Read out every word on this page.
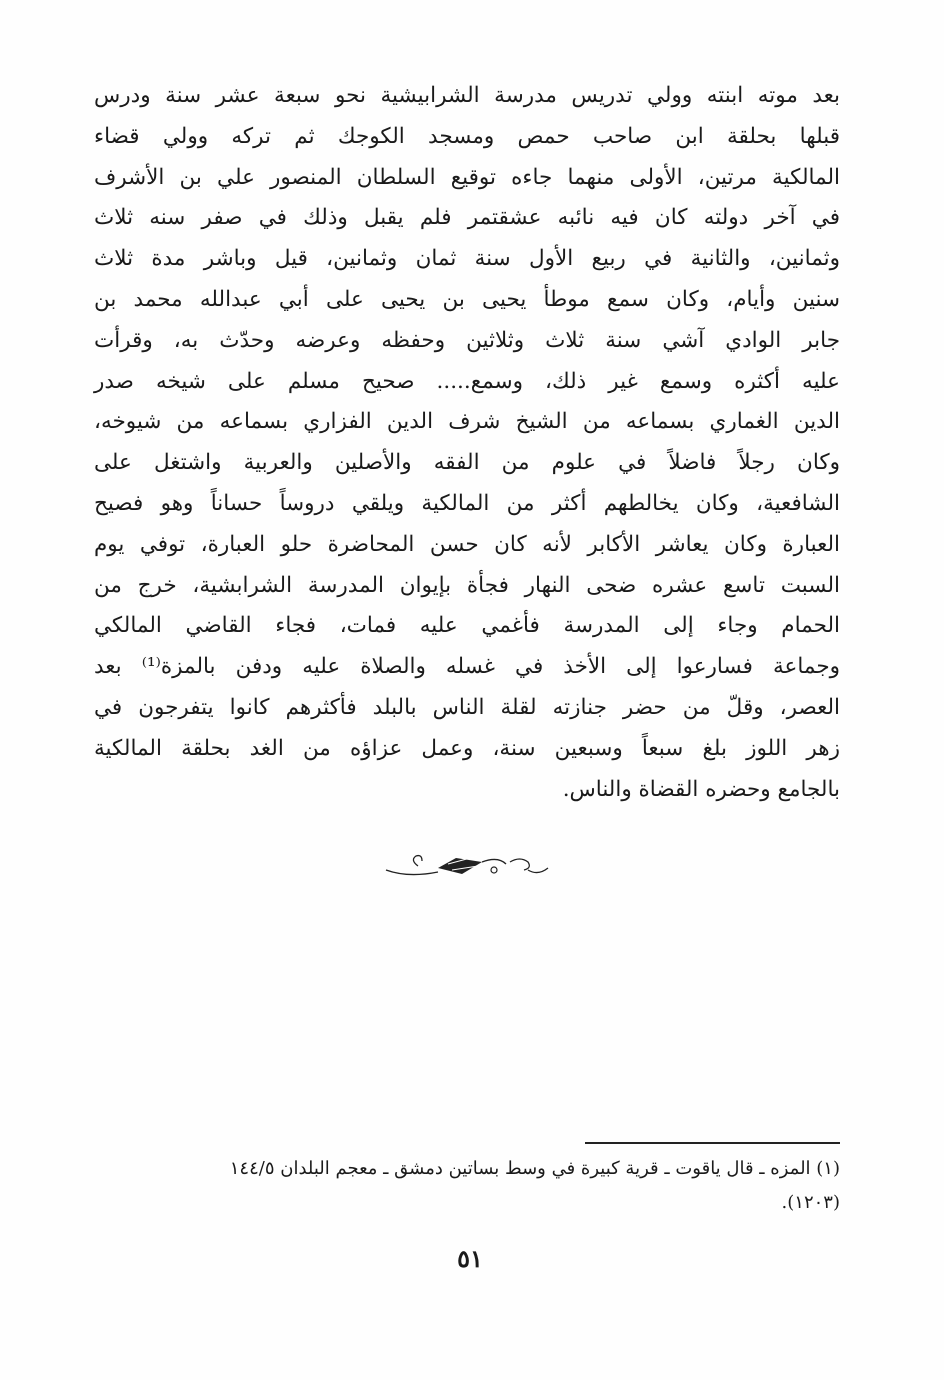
بعد موته ابنته وولي تدريس مدرسة الشرابيشية نحو سبعة عشر سنة ودرس
قبلها بحلقة ابن صاحب حمص ومسجد الكوجك ثم تركه وولي قضاء
المالكية مرتين، الأولى منهما جاءه توقيع السلطان المنصور علي بن الأشرف
في آخر دولته كان فيه نائبه عشقتمر فلم يقبل وذلك في صفر سنه ثلاث
وثمانين، والثانية في ربيع الأول سنة ثمان وثمانين، قيل وباشر مدة ثلاث
سنين وأيام، وكان سمع موطأ يحيى بن يحيى على أبي عبدالله محمد بن
جابر الوادي آشي سنة ثلاث وثلاثين وحفظه وعرضه وحدّث به، وقرأت
عليه أكثره وسمع غير ذلك، وسمع..... صحيح مسلم على شيخه صدر
الدين الغماري بسماعه من الشيخ شرف الدين الفزاري بسماعه من شيوخه،
وكان رجلاً فاضلاً في علوم من الفقه والأصلين والعربية واشتغل على
الشافعية، وكان يخالطهم أكثر من المالكية ويلقي دروساً حساناً وهو فصيح
العبارة وكان يعاشر الأكابر لأنه كان حسن المحاضرة حلو العبارة، توفي يوم
السبت تاسع عشره ضحى النهار فجأة بإيوان المدرسة الشرابشية، خرج من
الحمام وجاء إلى المدرسة فأغمي عليه فمات، فجاء القاضي المالكي
وجماعة فسارعوا إلى الأخذ في غسله والصلاة عليه ودفن بالمزة⁽¹⁾ بعد
العصر، وقلّ من حضر جنازته لقلة الناس بالبلد فأكثرهم كانوا يتفرجون في
زهر اللوز بلغ سبعاً وسبعين سنة، وعمل عزاؤه من الغد بحلقة المالكية
بالجامع وحضره القضاة والناس.
(١) المزه ـ قال ياقوت ـ قرية كبيرة في وسط بساتين دمشق ـ معجم البلدان ١٤٤/٥
(١٢٠٣).
٥١
